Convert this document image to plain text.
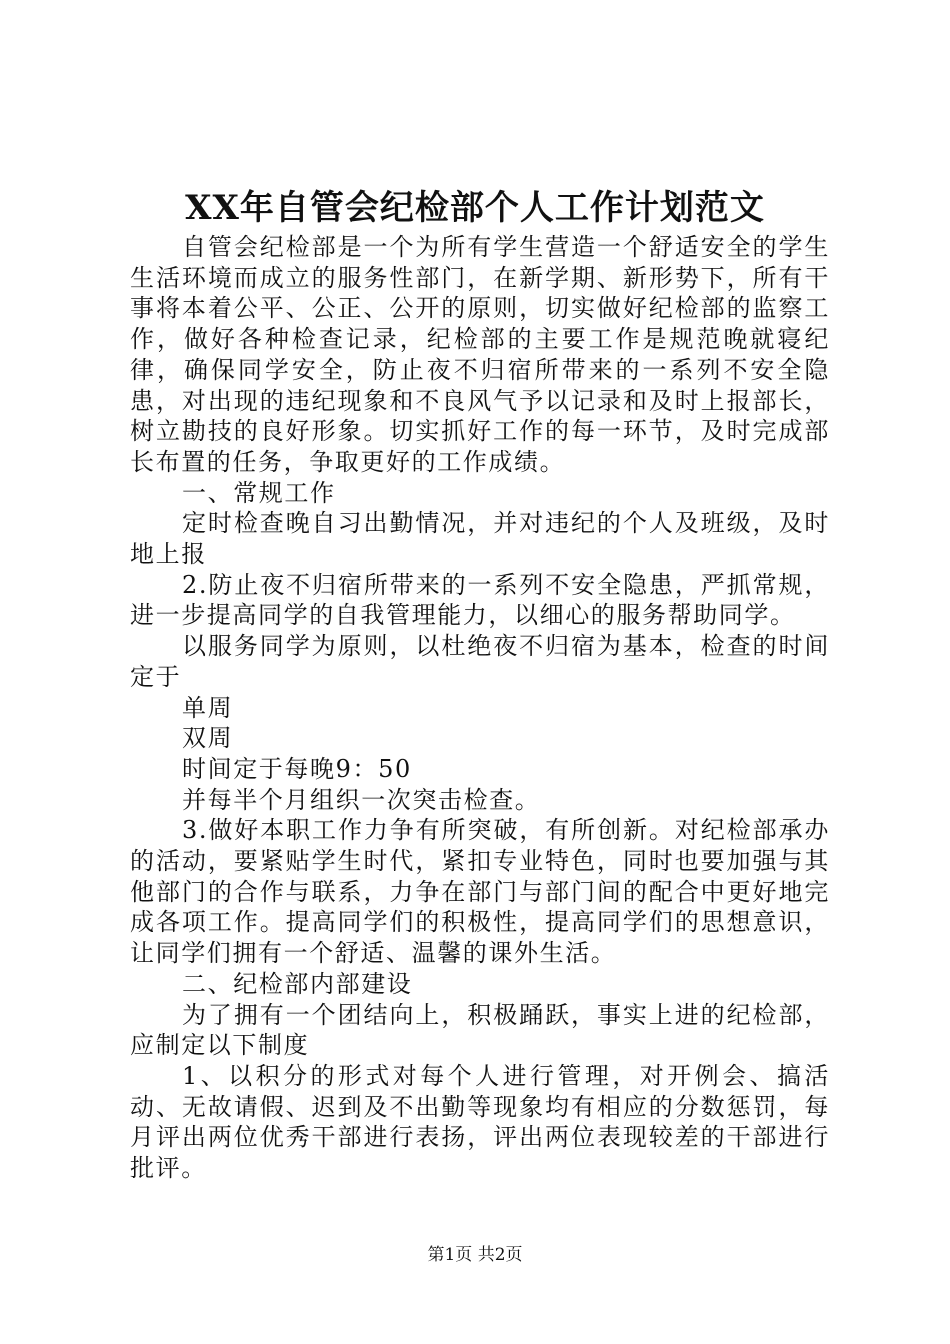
XX年自管会纪检部个人工作计划范文

自管会纪检部是一个为所有学生营造一个舒适安全的学生生活环境而成立的服务性部门，在新学期、新形势下，所有干事将本着公平、公正、公开的原则，切实做好纪检部的监察工作，做好各种检查记录，纪检部的主要工作是规范晚就寝纪律，确保同学安全，防止夜不归宿所带来的一系列不安全隐患，对出现的违纪现象和不良风气予以记录和及时上报部长，树立勘技的良好形象。切实抓好工作的每一环节，及时完成部长布置的任务，争取更好的工作成绩。

一、常规工作

定时检查晚自习出勤情况，并对违纪的个人及班级，及时地上报

2.防止夜不归宿所带来的一系列不安全隐患，严抓常规，进一步提高同学的自我管理能力，以细心的服务帮助同学。

以服务同学为原则，以杜绝夜不归宿为基本，检查的时间定于

单周

双周

时间定于每晚9：50

并每半个月组织一次突击检查。

3.做好本职工作力争有所突破，有所创新。对纪检部承办的活动，要紧贴学生时代，紧扣专业特色，同时也要加强与其他部门的合作与联系，力争在部门与部门间的配合中更好地完成各项工作。提高同学们的积极性，提高同学们的思想意识，让同学们拥有一个舒适、温馨的课外生活。

二、纪检部内部建设

为了拥有一个团结向上，积极踊跃，事实上进的纪检部，应制定以下制度

1、以积分的形式对每个人进行管理，对开例会、搞活动、无故请假、迟到及不出勤等现象均有相应的分数惩罚，每月评出两位优秀干部进行表扬，评出两位表现较差的干部进行批评。

第1页 共2页
